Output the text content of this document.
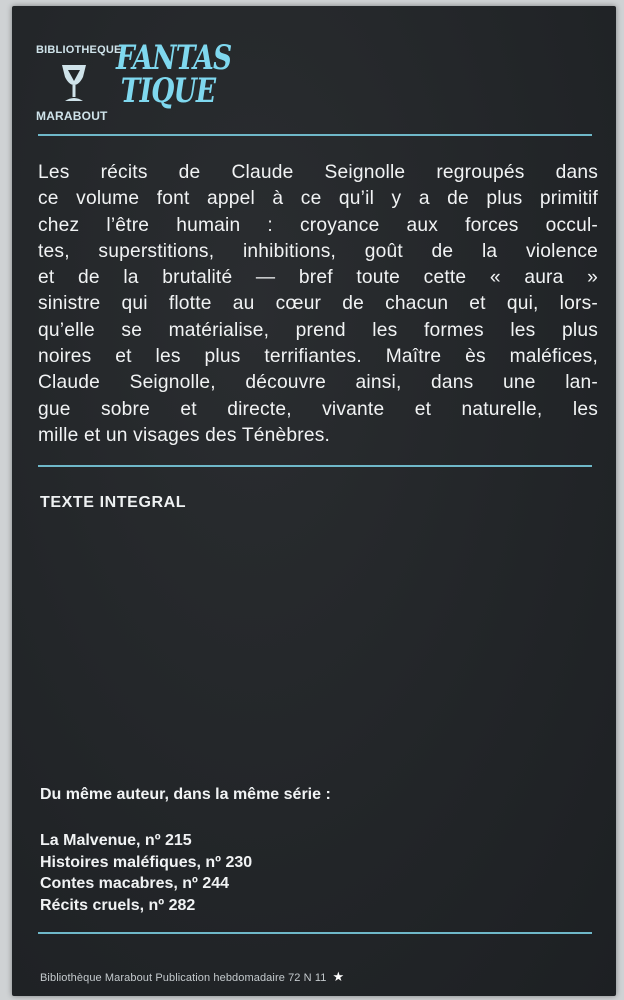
BIBLIOTHEQUE
MARABOUT
FANTAS
TIQUE

Les récits de Claude Seignolle regroupés dans
ce volume font appel à ce qu’il y a de plus primitif
chez l’être humain : croyance aux forces occul-
tes, superstitions, inhibitions, goût de la violence
et de la brutalité — bref toute cette « aura »
sinistre qui flotte au cœur de chacun et qui, lors-
qu’elle se matérialise, prend les formes les plus
noires et les plus terrifiantes. Maître ès maléfices,
Claude Seignolle, découvre ainsi, dans une lan-
gue sobre et directe, vivante et naturelle, les
mille et un visages des Ténèbres.

TEXTE INTEGRAL
Du même auteur, dans la même série :
La Malvenue, nº 215
Histoires maléfiques, nº 230
Contes macabres, nº 244
Récits cruels, nº 282
Bibliothèque Marabout Publication hebdomadaire 72 N 11 ★
